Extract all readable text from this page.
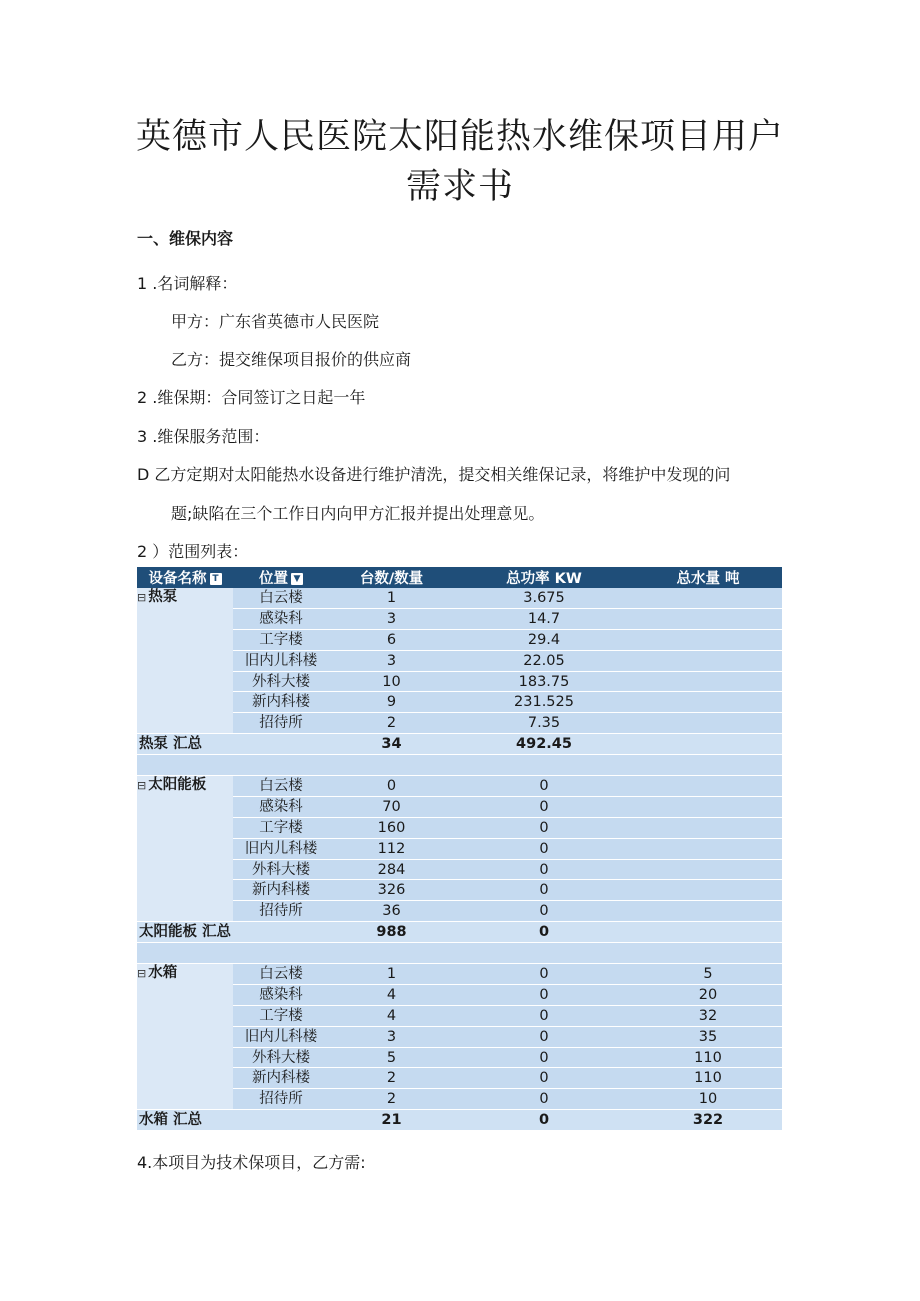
英德市人民医院太阳能热水维保项目用户
需求书
一、维保内容
1 .名词解释：
甲方：广东省英德市人民医院
乙方：提交维保项目报价的供应商
2 .维保期：合同签订之日起一年
3 .维保服务范围：
D 乙方定期对太阳能热水设备进行维护清洗，提交相关维保记录，将维护中发现的问
题;缺陷在三个工作日内向甲方汇报并提出处理意见。
2 ）范围列表：
设备名称 T	位置 ▼	台数/数量	总功率 KW	总水量 吨
⊟ 热泵	白云楼	1	3.675	
	感染科	3	14.7	
	工字楼	6	29.4	
	旧内儿科楼	3	22.05	
	外科大楼	10	183.75	
	新内科楼	9	231.525	
	招待所	2	7.35	
热泵 汇总		34	492.45	

⊟ 太阳能板	白云楼	0	0	
	感染科	70	0	
	工字楼	160	0	
	旧内儿科楼	112	0	
	外科大楼	284	0	
	新内科楼	326	0	
	招待所	36	0	
太阳能板 汇总		988	0	

⊟ 水箱	白云楼	1	0	5
	感染科	4	0	20
	工字楼	4	0	32
	旧内儿科楼	3	0	35
	外科大楼	5	0	110
	新内科楼	2	0	110
	招待所	2	0	10
水箱 汇总		21	0	322
4.本项目为技术保项目，乙方需:
